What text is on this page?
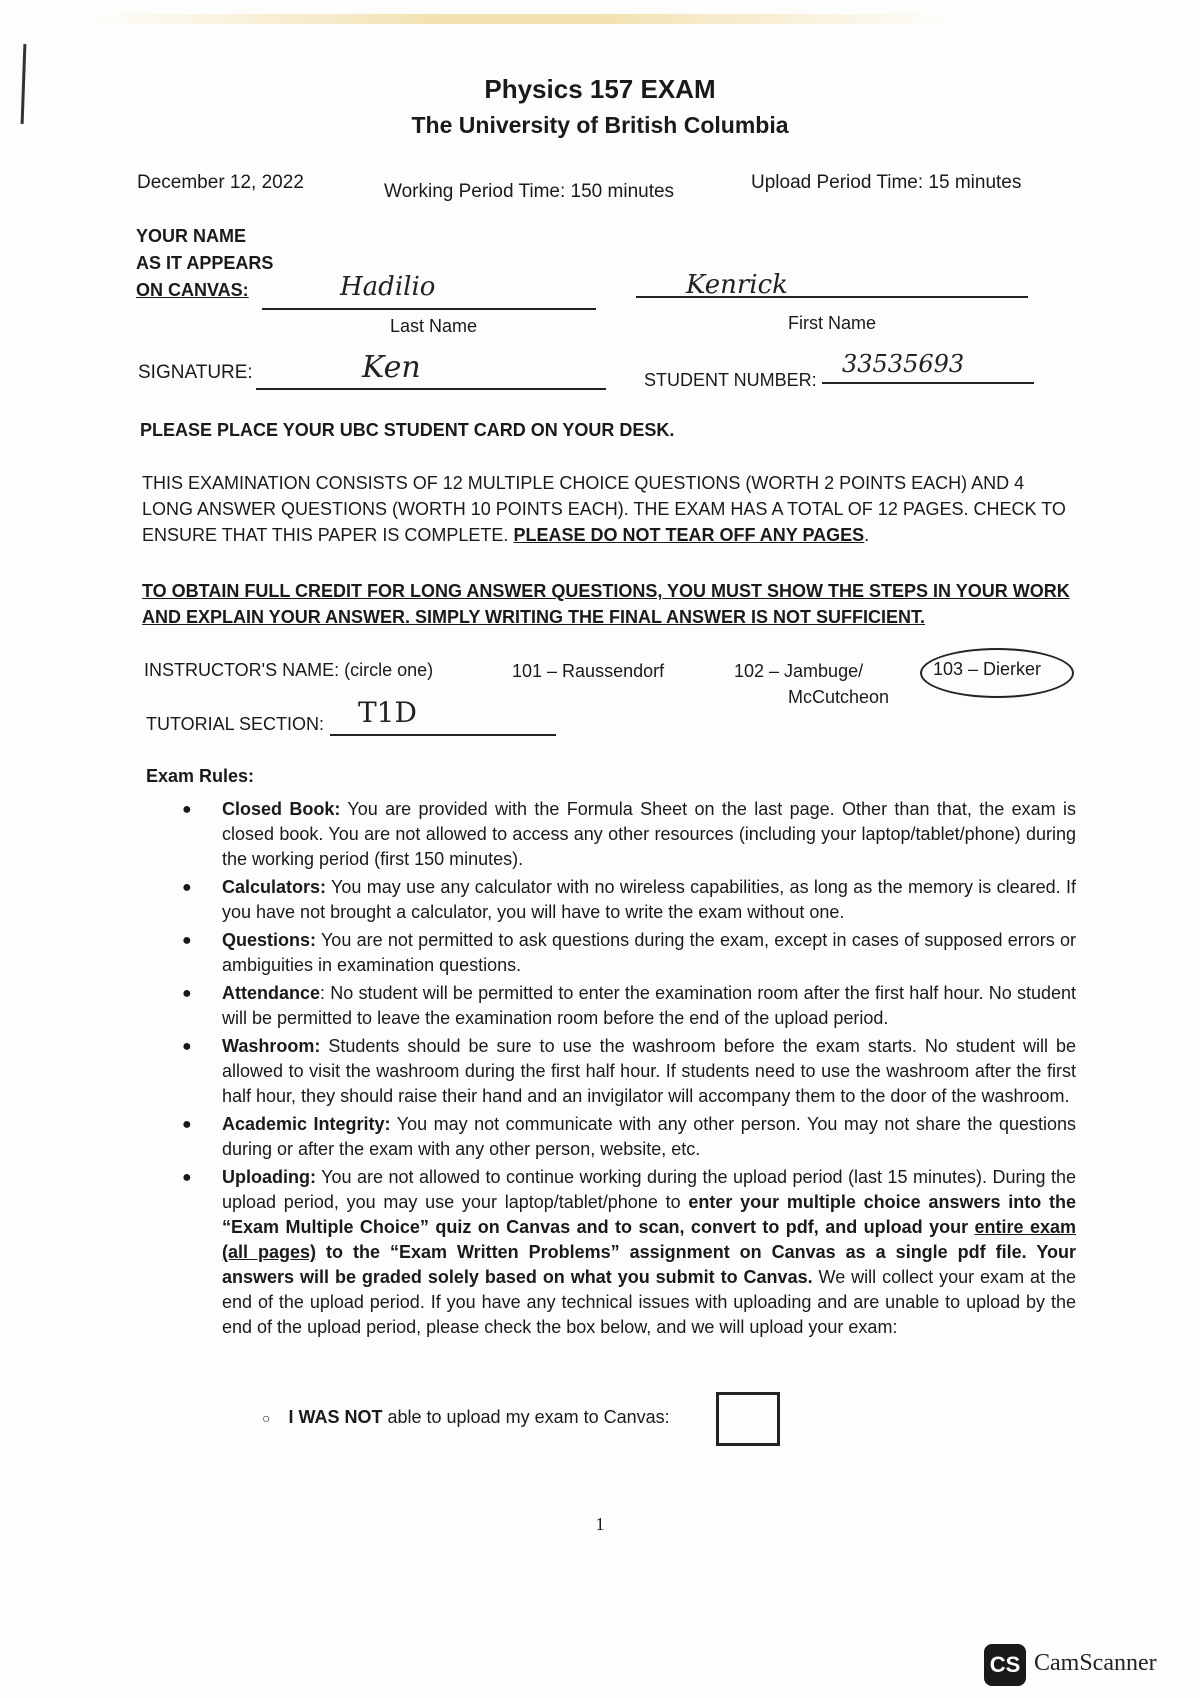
Physics 157 EXAM
The University of British Columbia
December 12, 2022	Working Period Time: 150 minutes	Upload Period Time: 15 minutes
YOUR NAME
AS IT APPEARS
ON CANVAS:	Hadilio	Kenrick
Last Name	First Name
SIGNATURE:	Ken	STUDENT NUMBER:
33535693
PLEASE PLACE YOUR UBC STUDENT CARD ON YOUR DESK.
THIS EXAMINATION CONSISTS OF 12 MULTIPLE CHOICE QUESTIONS (WORTH 2 POINTS EACH) AND 4 LONG ANSWER QUESTIONS (WORTH 10 POINTS EACH). THE EXAM HAS A TOTAL OF 12 PAGES. CHECK TO ENSURE THAT THIS PAPER IS COMPLETE. PLEASE DO NOT TEAR OFF ANY PAGES.
TO OBTAIN FULL CREDIT FOR LONG ANSWER QUESTIONS, YOU MUST SHOW THE STEPS IN YOUR WORK AND EXPLAIN YOUR ANSWER. SIMPLY WRITING THE FINAL ANSWER IS NOT SUFFICIENT.
INSTRUCTOR'S NAME: (circle one)	101 – Raussendorf	102 – Jambuge/
McCutcheon
103 – Dierker
TUTORIAL SECTION: T1D
Exam Rules:
● Closed Book: You are provided with the Formula Sheet on the last page. Other than that, the exam is closed book. You are not allowed to access any other resources (including your laptop/tablet/phone) during the working period (first 150 minutes).
● Calculators: You may use any calculator with no wireless capabilities, as long as the memory is cleared. If you have not brought a calculator, you will have to write the exam without one.
● Questions: You are not permitted to ask questions during the exam, except in cases of supposed errors or ambiguities in examination questions.
● Attendance: No student will be permitted to enter the examination room after the first half hour. No student will be permitted to leave the examination room before the end of the upload period.
● Washroom: Students should be sure to use the washroom before the exam starts. No student will be allowed to visit the washroom during the first half hour. If students need to use the washroom after the first half hour, they should raise their hand and an invigilator will accompany them to the door of the washroom.
● Academic Integrity: You may not communicate with any other person. You may not share the questions during or after the exam with any other person, website, etc.
● Uploading: You are not allowed to continue working during the upload period (last 15 minutes). During the upload period, you may use your laptop/tablet/phone to enter your multiple choice answers into the “Exam Multiple Choice” quiz on Canvas and to scan, convert to pdf, and upload your entire exam (all pages) to the “Exam Written Problems” assignment on Canvas as a single pdf file. Your answers will be graded solely based on what you submit to Canvas. We will collect your exam at the end of the upload period. If you have any technical issues with uploading and are unable to upload by the end of the upload period, please check the box below, and we will upload your exam:
○ I WAS NOT able to upload my exam to Canvas:
1
CS CamScanner
